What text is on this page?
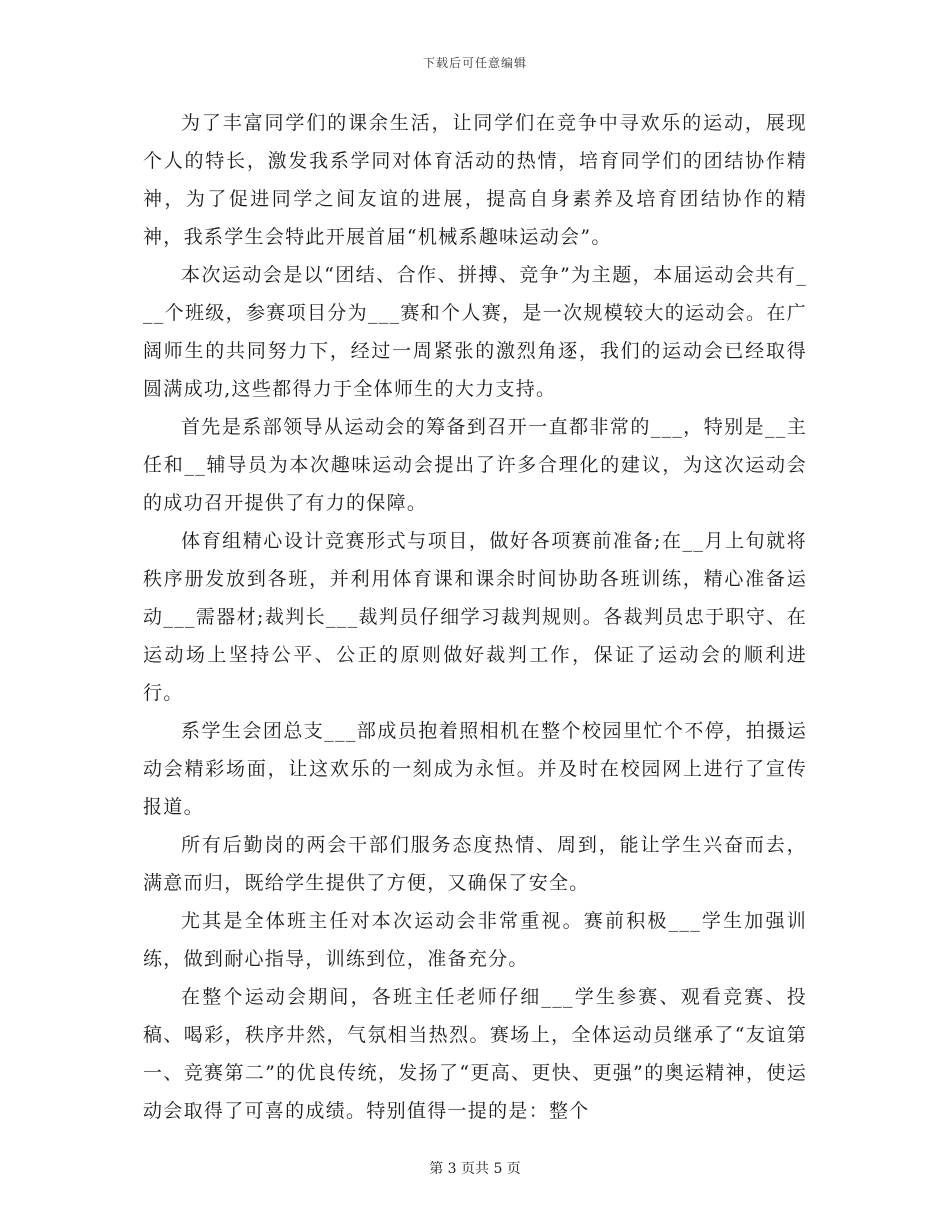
下载后可任意编辑

为了丰富同学们的课余生活，让同学们在竞争中寻欢乐的运动，展现个人的特长，激发我系学同对体育活动的热情，培育同学们的团结协作精神，为了促进同学之间友谊的进展，提高自身素养及培育团结协作的精神，我系学生会特此开展首届“机械系趣味运动会”。

本次运动会是以“团结、合作、拼搏、竞争”为主题，本届运动会共有___个班级，参赛项目分为___赛和个人赛，是一次规模较大的运动会。在广阔师生的共同努力下，经过一周紧张的激烈角逐，我们的运动会已经取得圆满成功,这些都得力于全体师生的大力支持。

首先是系部领导从运动会的筹备到召开一直都非常的___，特别是__主任和__辅导员为本次趣味运动会提出了许多合理化的建议，为这次运动会的成功召开提供了有力的保障。

体育组精心设计竞赛形式与项目，做好各项赛前准备;在__月上旬就将秩序册发放到各班，并利用体育课和课余时间协助各班训练，精心准备运动___需器材;裁判长___裁判员仔细学习裁判规则。各裁判员忠于职守、在运动场上坚持公平、公正的原则做好裁判工作，保证了运动会的顺利进行。

系学生会团总支___部成员抱着照相机在整个校园里忙个不停，拍摄运动会精彩场面，让这欢乐的一刻成为永恒。并及时在校园网上进行了宣传报道。

所有后勤岗的两会干部们服务态度热情、周到，能让学生兴奋而去，满意而归，既给学生提供了方便，又确保了安全。

尤其是全体班主任对本次运动会非常重视。赛前积极___学生加强训练，做到耐心指导，训练到位，准备充分。

在整个运动会期间，各班主任老师仔细___学生参赛、观看竞赛、投稿、喝彩，秩序井然，气氛相当热烈。赛场上，全体运动员继承了“友谊第一、竞赛第二”的优良传统，发扬了“更高、更快、更强”的奥运精神，使运动会取得了可喜的成绩。特别值得一提的是：整个

第 3 页共 5 页
